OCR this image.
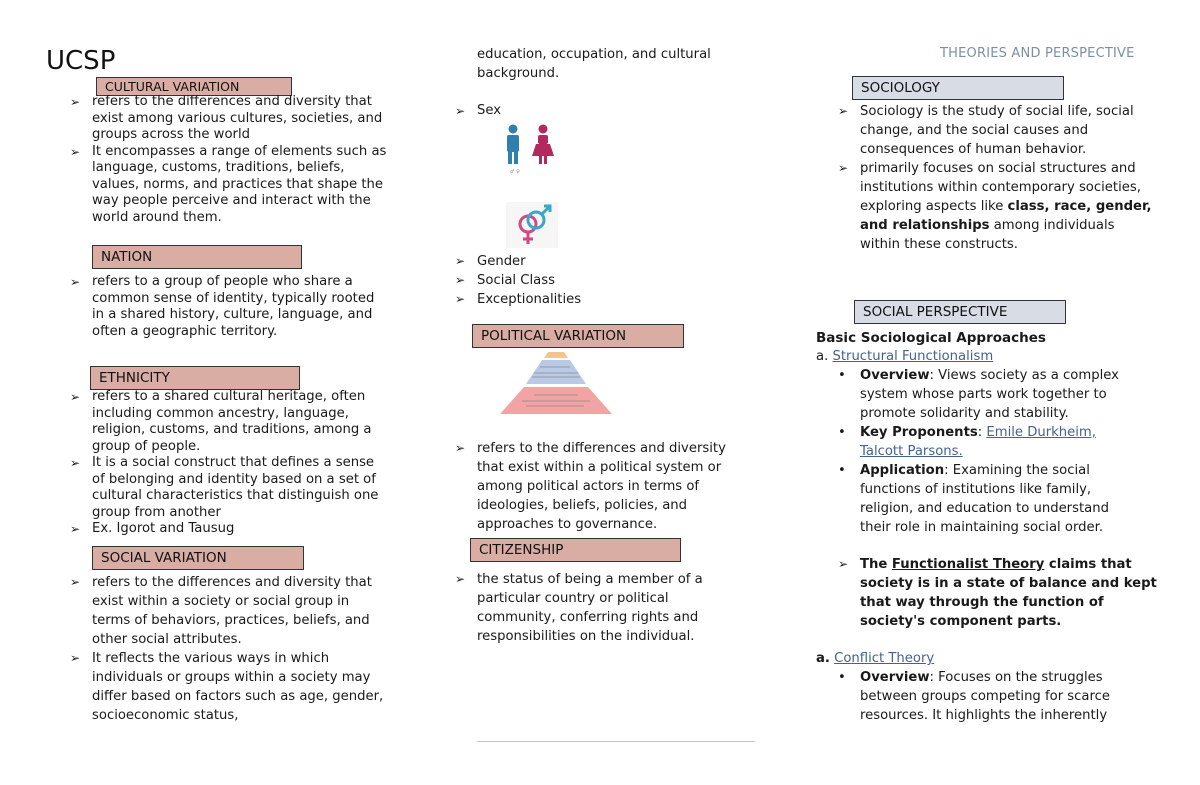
UCSP
CULTURAL VARIATION
➢ refers to the differences and diversity that exist among various cultures, societies, and groups across the world
➢ It encompasses a range of elements such as language, customs, traditions, beliefs, values, norms, and practices that shape the way people perceive and interact with the world around them.
NATION
➢ refers to a group of people who share a common sense of identity, typically rooted in a shared history, culture, language, and often a geographic territory.
ETHNICITY
➢ refers to a shared cultural heritage, often including common ancestry, language, religion, customs, and traditions, among a group of people.
➢ It is a social construct that defines a sense of belonging and identity based on a set of cultural characteristics that distinguish one group from another
➢ Ex. Igorot and Tausug
SOCIAL VARIATION
➢ refers to the differences and diversity that exist within a society or social group in terms of behaviors, practices, beliefs, and other social attributes.
➢ It reflects the various ways in which individuals or groups within a society may differ based on factors such as age, gender, socioeconomic status,
education, occupation, and cultural background.
➢ Sex
♂ ♀
➢ Gender
➢ Social Class
➢ Exceptionalities
POLITICAL VARIATION
➢ refers to the differences and diversity that exist within a political system or among political actors in terms of ideologies, beliefs, policies, and approaches to governance.
CITIZENSHIP
➢ the status of being a member of a particular country or political community, conferring rights and responsibilities on the individual.
THEORIES AND PERSPECTIVE
SOCIOLOGY
➢ Sociology is the study of social life, social change, and the social causes and consequences of human behavior.
➢ primarily focuses on social structures and institutions within contemporary societies, exploring aspects like class, race, gender, and relationships among individuals within these constructs.
SOCIAL PERSPECTIVE
Basic Sociological Approaches
a. Structural Functionalism
• Overview: Views society as a complex system whose parts work together to promote solidarity and stability.
• Key Proponents: Emile Durkheim, Talcott Parsons.
• Application: Examining the social functions of institutions like family, religion, and education to understand their role in maintaining social order.
➢ The Functionalist Theory claims that society is in a state of balance and kept that way through the function of society's component parts.
a. Conflict Theory
• Overview: Focuses on the struggles between groups competing for scarce resources. It highlights the inherently
